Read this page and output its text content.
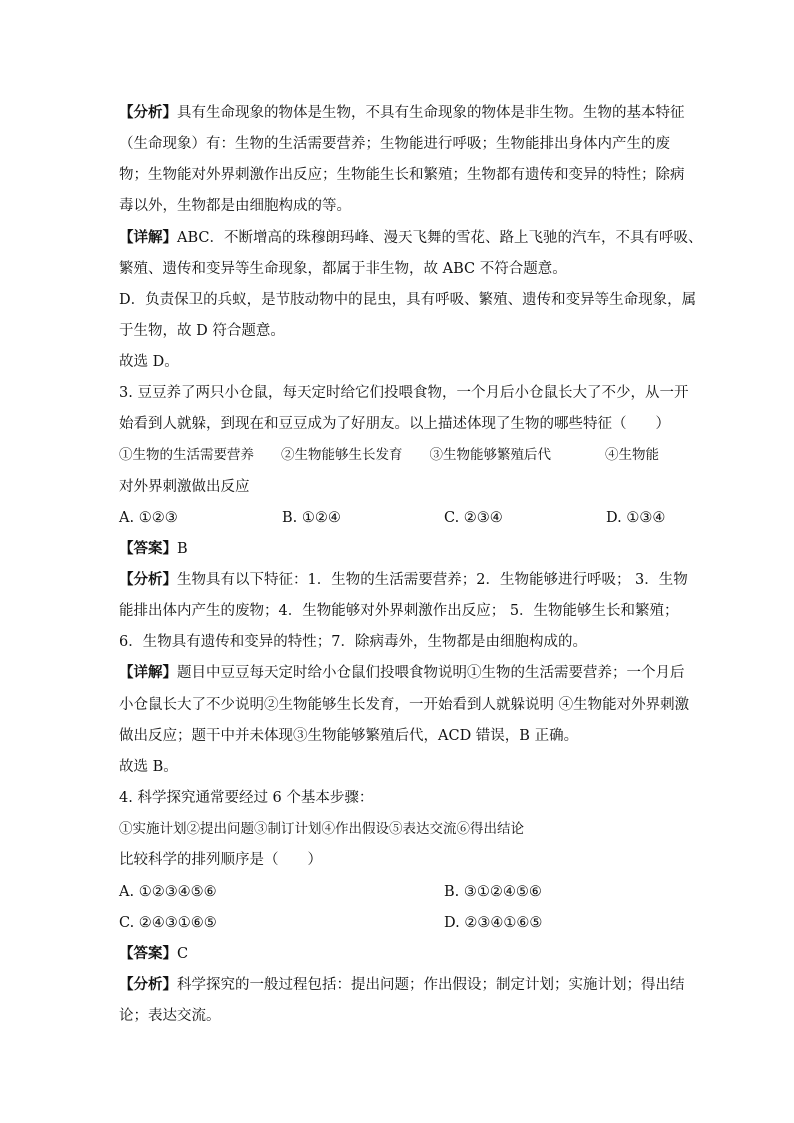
【分析】具有生命现象的物体是生物，不具有生命现象的物体是非生物。生物的基本特征
（生命现象）有：生物的生活需要营养；生物能进行呼吸；生物能排出身体内产生的废
物；生物能对外界刺激作出反应；生物能生长和繁殖；生物都有遗传和变异的特性；除病
毒以外，生物都是由细胞构成的等。
【详解】ABC．不断增高的珠穆朗玛峰、漫天飞舞的雪花、路上飞驰的汽车，不具有呼吸、
繁殖、遗传和变异等生命现象，都属于非生物，故 ABC 不符合题意。
D．负责保卫的兵蚁，是节肢动物中的昆虫，具有呼吸、繁殖、遗传和变异等生命现象，属
于生物，故 D 符合题意。
故选 D。
3. 豆豆养了两只小仓鼠，每天定时给它们投喂食物，一个月后小仓鼠长大了不少，从一开
始看到人就躲，到现在和豆豆成为了好朋友。以上描述体现了生物的哪些特征（　　）
①生物的生活需要营养　　②生物能够生长发育　　③生物能够繁殖后代　　　　④生物能
对外界刺激做出反应
A. ①②③	B. ①②④	C. ②③④	D. ①③④
【答案】B
【分析】生物具有以下特征：1．生物的生活需要营养；2．生物能够进行呼吸； 3．生物
能排出体内产生的废物；4．生物能够对外界刺激作出反应； 5．生物能够生长和繁殖；
6．生物具有遗传和变异的特性；7．除病毒外，生物都是由细胞构成的。
【详解】题目中豆豆每天定时给小仓鼠们投喂食物说明①生物的生活需要营养；一个月后
小仓鼠长大了不少说明②生物能够生长发育，一开始看到人就躲说明 ④生物能对外界刺激
做出反应；题干中并未体现③生物能够繁殖后代，ACD 错误，B 正确。
故选 B。
4. 科学探究通常要经过 6 个基本步骤：
①实施计划②提出问题③制订计划④作出假设⑤表达交流⑥得出结论
比较科学的排列顺序是（　　）
A. ①②③④⑤⑥	B. ③①②④⑤⑥
C. ②④③①⑥⑤	D. ②③④①⑥⑤
【答案】C
【分析】科学探究的一般过程包括：提出问题；作出假设；制定计划；实施计划；得出结
论；表达交流。
